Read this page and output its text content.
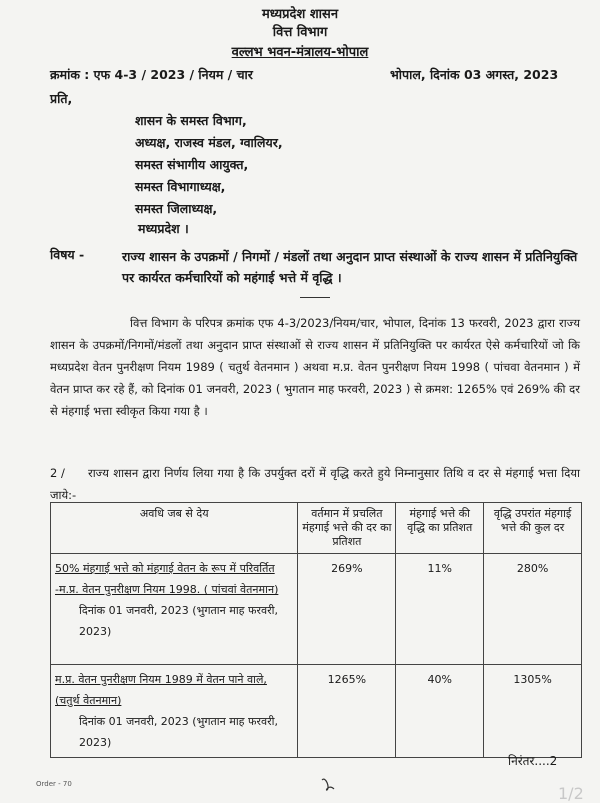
मध्यप्रदेश शासन
वित्त विभाग
वल्लभ भवन-मंत्रालय-भोपाल
क्रमांक : एफ 4-3 / 2023 / नियम / चार	भोपाल, दिनांक 03 अगस्त, 2023
प्रति,
शासन के समस्त विभाग,
अध्यक्ष, राजस्व मंडल, ग्वालियर,
समस्त संभागीय आयुक्त,
समस्त विभागाध्यक्ष,
समस्त जिलाध्यक्ष,
मध्यप्रदेश ।
विषय -	राज्य शासन के उपक्रमों / निगमों / मंडलों तथा अनुदान प्राप्त संस्थाओं के राज्य शासन में प्रतिनियुक्ति पर कार्यरत कर्मचारियों को महंगाई भत्ते में वृद्धि ।
वित्त विभाग के परिपत्र क्रमांक एफ 4-3/2023/नियम/चार, भोपाल, दिनांक 13 फरवरी, 2023 द्वारा राज्य शासन के उपक्रमों/निगमों/मंडलों तथा अनुदान प्राप्त संस्थाओं से राज्य शासन में प्रतिनियुक्ति पर कार्यरत ऐसे कर्मचारियों जो कि मध्यप्रदेश वेतन पुनरीक्षण नियम 1989 ( चतुर्थ वेतनमान ) अथवा म.प्र. वेतन पुनरीक्षण नियम 1998 ( पांचवा वेतनमान ) में वेतन प्राप्त कर रहे हैं, को दिनांक 01 जनवरी, 2023 ( भुगतान माह फरवरी, 2023 ) से क्रमश: 1265% एवं 269% की दर से मंहगाई भत्ता स्वीकृत किया गया है ।
2 / राज्य शासन द्वारा निर्णय लिया गया है कि उपर्युक्त दरों में वृद्धि करते हुये निम्नानुसार तिथि व दर से मंहगाई भत्ता दिया जाये:-
अवधि जब से देय	वर्तमान में प्रचलित मंहगाई भत्ते की दर का प्रतिशत	मंहगाई भत्ते की वृद्धि का प्रतिशत	वृद्धि उपरांत मंहगाई भत्ते की कुल दर

50% मंहगाई भत्ते को मंहगाई वेतन के रूप में परिवर्तित -म.प्र. वेतन पुनरीक्षण नियम 1998. ( पांचवां वेतनमान)
दिनांक 01 जनवरी, 2023 (भुगतान माह फरवरी, 2023)	269%	11%	280%

म.प्र. वेतन पुनरीक्षण नियम 1989 में वेतन पाने वाले, (चतुर्थ वेतनमान)
दिनांक 01 जनवरी, 2023 (भुगतान माह फरवरी, 2023)	1265%	40%	1305%
निरंतर....2
Order - 70	1/2
